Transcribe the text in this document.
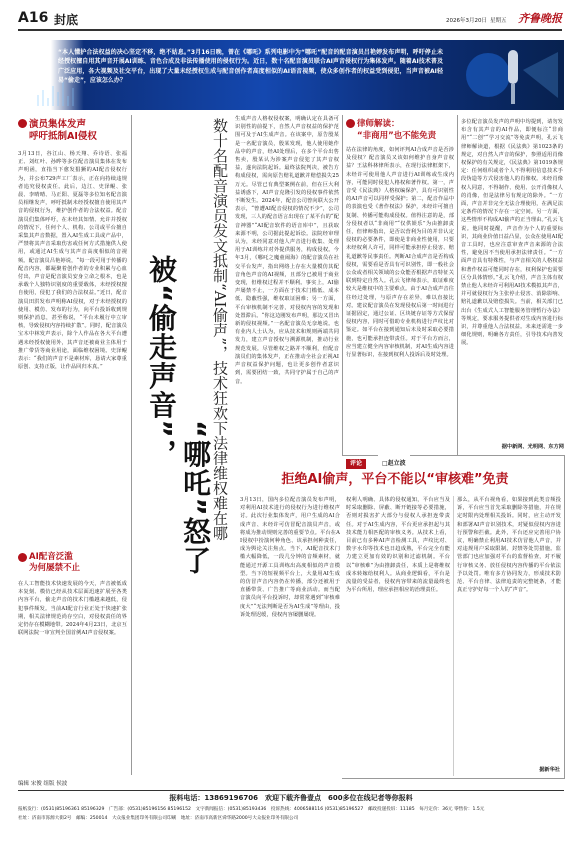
A16 封底	2026年3月20日 星期五 齐鲁晚报
“本人懂护合法权益的决心坚定不移，绝不姑息。”3月16日晚，曾在《哪吒》系列电影中为“哪吒”配音的配音演员吕艳婷发布声明，呼吁停止未经授权擅自用其声音开展AI训练、音色合成及非法传播使用的侵权行为。近日，数十名配音演员联合AI声音侵权行为集体发声。随着AI技术普及广泛应用，各大视频及社交平台，出现了大量未经授权生成与配音创作者高度相似的AI语音视频，使众多创作者的权益受到侵犯，当声音被AI轻易“偷走”，应该怎么办？
演员集体发声
呼吁抵制AI侵权
3月13日，谷江山、杨天翔、乔诗语、张福正、刘红叶、孙晔等多位配音演员集体在发布声明函，直指当下愈发猖獗的AI配音侵权行为，并公布729声工厂表示，正在向持续违规者追究侵权责任。此后，边江、史泽鲲、张晨、李晴晴、马正阳、夏磊等多位知名配音演员相继发声，呼吁抵制未经授权擅自使用其声音的侵权行为，维护创作者的合法权益。配音演员们集体呼吁，在未经其知情、允许并授权的情况下，任何个人、机构、公司或平台擅自采集其声音数据，置入AI生成工具或产品中，严禁将其声音采取伤害或任何方式措施供人使用，或通过AI生成与其声音高度相似的音视频。配音演员吕艳婷说，“每一段可用于传播的配音内容，都凝聚着创作者的专业积累与心血付出，声音是配音演员安身立命之根本，也是承载个人独特识别度的重要载体，未经授权擅自使用，侵犯了我们的合法权益。”近日，配音演员田洪发布声明称AI侵权，对于未经授权的使用、模仿、发布的行为，向平台投诉收到规则保护消息，甚至称说，“平台未履行中立审核，导致侵权内容持续扩散”。同时，配音演员宝木中林发声表示，除个人作品在各大平台遭遇未经授权使用外，其声音还被商业主体用于推广带货等商业用途，面临维权困境。史泽鲲表示：“我们的声音不是素材库，恳请大家尊重原创、支持正版，让作品回归本真。”
AI配音泛滥
为何屡禁不止
在人工智能技术快速发展的今天，声音被低成本复刻、模仿已经从技术层面迅速扩展至各类内容平台，偷走声音的技术门槛越来越低，侵犯事件频发。当前AI配音行业正处于快速扩张期，相关法律规范尚存空白，对侵权责任的界定仍存在模糊地带。2024年4月23日，北京互联网法院一审宣判全国首例AI声音侵权案。
被“偷走声音”，
“哪吒”怒了 数十名配音演员发文抵制“AI偷声”，技术狂欢下法律维权难在哪	生成声音人格权侵权案，明确认定在具备可识别性的前提下，自然人声音权益的保护范围可及于AI生成声音。在该案中，原告殷某是一名配音演员，殷某发现，他人使用她作品中的声音，经AI处理后，在多个平台出售售卖，殷某认为涉案声音侵犯了其声音权益，遂向法院起诉。最终法院判决，被告方构成侵权，需向原告赔礼道歉并赔偿损失25万元。尽管已有典型案例在前，但在巨大利益诱惑下，AI声音克隆引发的侵权事件依然不断发生。2024年，配音公司曾向联大公开表示，“曾遭AI配音侵权的情况不少”，公司发现，三人的配音语言出现在了某平台的“配音神器”“AI配音软件的语音库中”，且获取来源不明，公司据此提起诉讼。法院经审理认为，未经同意对他人声音进行收集、处理用于AI训练并对外提供服务，构成侵权。今年3月，《哪吒之魔童闹海》的配音演员在社交平台发声，指出网络上存在大量模仿其配音角色声音的AI视频，且部分已被用于商业变现，但维权过程并不顺利。事实上，AI偷声屡禁不止，一方面在于技术门槛低、成本低、隐蔽性强，维权取证困难；另一方面，平台审核机制不完善，对侵权内容的发现和处置滞后。“你这边刚发布声明，那边又冒出新的侵权视频。”一名配音演员无奈地说。也有业内人士认为，应从技术和规则两端共同发力，建立声音授权与溯源机制，推动行业规范发展。尽管维权之路并不顺利，但配音演员们的集体发声，正在推动全社会正视AI声音权益保护问题，也让更多创作者意识到，需要团结一致，共同守护属于自己的声音。
律师解读：
“非商用”也不能免责
站在法律的角度，如何评判AI合成声音是否涉及侵权？配音演员又该如何维护自身声音权益？王法科林律所表示，在现行法律框架下，未经许可使用他人声音进行AI训练或生成内容，可能同时侵犯人格权和著作权。第一，声音受《民法典》人格权编保护，具有可识别性的AI声音可以同样受保护；第二，配音作品中的表演也受《著作权法》保护，未经许可擅自复制、传播可能构成侵权。值得注意的是，部分侵权者以“非商用”“仅供娱乐”为由推卸责任，但律师指出，是否以营利为目的并非认定侵权的必要条件，即使是非商业性使用，只要未经权利人许可，同样可能承担停止侵害、赔礼道歉等民事责任。判断AI合成声音是否构成侵权，需要看是否具有可识别性，即一般社会公众或者相关领域的公众能否根据声音特征关联到特定自然人。孔云飞律师表示，取证难度较大是维权中的主要难点。由于AI合成声音往往经过处理，与原声存在差异，难以直接比对。建议配音演员在发现侵权后第一时间进行证据固定，通过公证、区块链存证等方式保留侵权内容，同时可借助专业机构进行声纹比对鉴定。如平台在接到通知后未及时采取必要措施，也可能承担连带责任。对于平台方而言，应当建立健全内容审核机制，对AI生成内容进行显著标识，在接到权利人投诉后及时处理。
多位配音演员发声的声明中均提到，请勿发布含有其声音的AI作品，即便标注“非商用”“二创”“学习交流”等免责声明，孔云飞律师解读道，根据《民法典》第1023条的规定，对自然人声音的保护，参照适用肖像权保护的有关规定，《民法典》第1019条规定：任何组织或者个人不得利用信息技术手段伪造等方式侵害他人的肖像权。未经肖像权人同意，不得制作、使用、公开肖像权人的肖像，但是法律另有规定的除外。“一方面，声音并非完全无法合理使用，在满足法定条件的情况下存在一定空间。另一方面，这些情形不构成AI偷声的正当理由。”孔云飞说。他同时提醒，声音作为个人的重要标识，其商业价值日益凸显，公众在使用AI配音工具时，也应注意审查声音来源的合法性，避免因不当使用承担法律责任。“一方面声音具有特殊性，与声音相关的人格权益和著作权益可能同时存在，权利保护也需要区分具体情形。”孔云飞介绍，声音主体有权禁止他人未经许可利用AI技术模拟其声音，并可就侵权行为主张停止侵害、消除影响、赔礼道歉以及赔偿损失。当前，相关部门已出台《生成式人工智能服务管理暂行办法》等规定，要求服务提供者对生成内容进行标识，并尊重他人合法权益。未来还需进一步细化规则，明确各方责任，引导技术向善发展。
据中新网、光明网、东方网
□赵立波
评论
拒绝AI偷声，平台不能以“审核难”免责
3月13日，国内多位配音演员发布声明，对利用AI技术进行的侵权行为进行维权声讨。此次行业集体发声，用户生成的AI合成声音、未经许可仿冒配音演员声音，或将成为推动规则完善的重要节点。平台在AI侵权中扮演何种角色、该承担何种责任，成为舆论关注焦点。当下，AI配音技术门槛大幅降低，一段几分钟的音频素材，就能通过开源工具训练出高度相似的声音模型。当下的短视频平台上，大量用AI生成的仿冒声音内容仍在传播，部分还被用于直播带货、广告推广等商业活动。而当配音演员向平台投诉时，却常常遇到“审核难度大”“无法判断是否为AI生成”等理由，投诉处理迟缓，侵权内容屡删屡现。
权利人明确、具体的侵权通知，平台应当及时采取删除、屏蔽、断开链接等必要措施，否则对损害扩大部分与侵权人承担连带责任。对于AI生成内容，平台更应承担起与其技术能力相匹配的审核义务。从技术上看，目前已有多种AI声音检测工具，声纹比对、数字水印等技术也日趋成熟，平台完全有能力建立更加有效的识别和过滤机制。平台以“审核难”为由推卸责任，本质上是将维权成本转嫁给权利人。从商业逻辑看，平台是流量的受益者，侵权内容带来的流量最终也为平台所用，理应承担相应的治理责任。
那么，从平台视角看，如果接到此类音频投诉，平台应当首先采取删除等措施，并在规定时限内处理相关投诉。同时，应主动开发和部署AI声音识别技术，对疑似侵权内容进行预警和拦截。此外，平台还应完善用户协议，明确禁止利用AI技术仿冒他人声音，并对违规用户采取限制、封禁等处罚措施。监管部门也应加强对平台的监督检查，对不履行审核义务、放任侵权内容传播的平台依法予以处罚。唯有多方协同发力，形成技术防范、平台自律、法律追责的完整链条，才能真正守护好每一个人的“声音”。
据新华社
编辑 宋俊 组版 侯波
报料电话：13869196706　欢迎下载齐鲁壹点　600多位在线记者等你报料
报纸发行：(0531)85196361 85196329　广告部：(0531)85196156 85196152　文字新闻报信：(0531)85193436　投诉热线：4006588116 (0531)85196527　邮政投递投诉：11185　每月定价：36元 零售价：1.5元
社址：济南市泺源大街2号　邮编：250014　大众报业集团印务有限公司印刷　地址：济南市高新区舜华路2000号大众报业印务有限公司
